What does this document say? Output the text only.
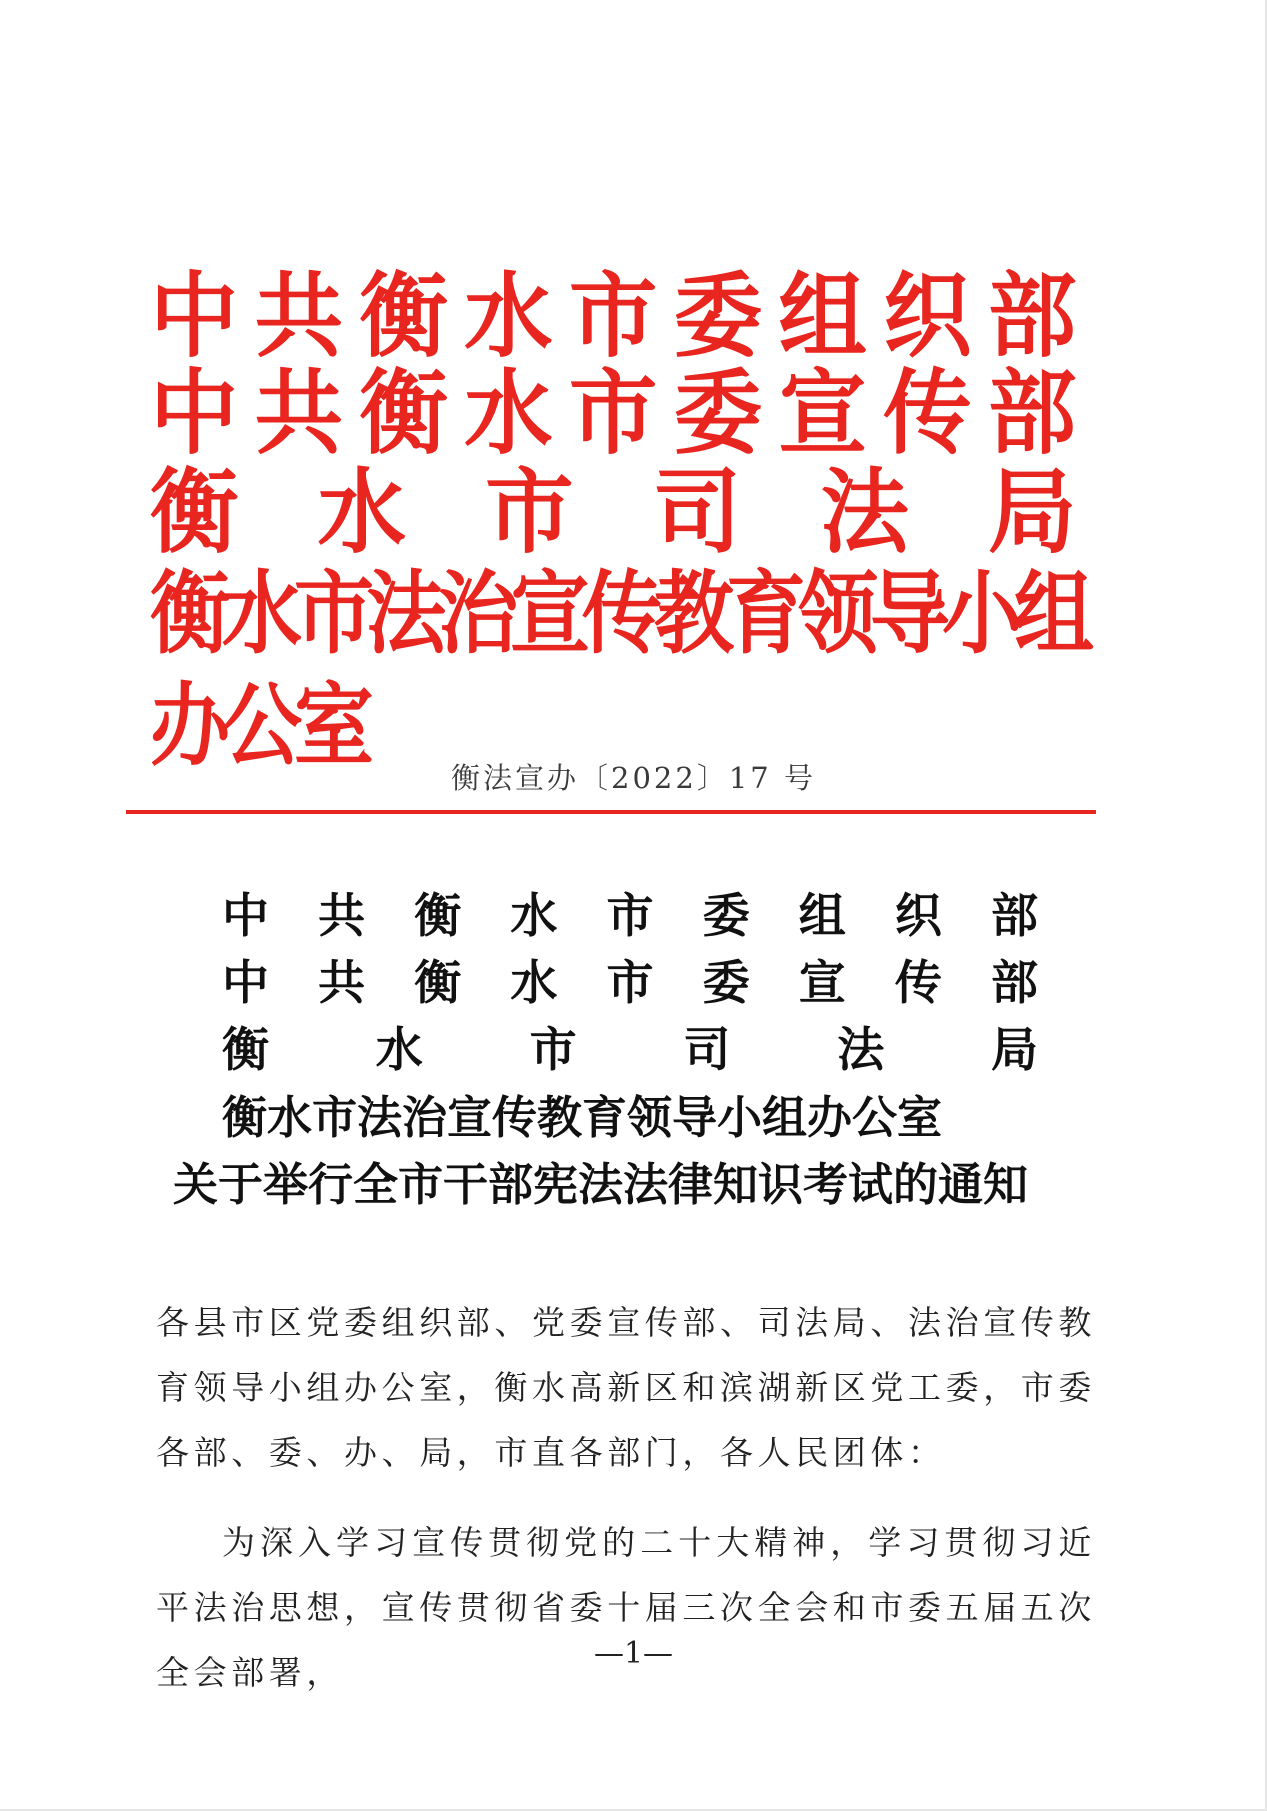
中 共 衡 水 市 委 组 织 部
中 共 衡 水 市 委 宣 传 部
衡 水 市 司 法 局
衡水市法治宣传教育领导小组办公室
衡法宣办〔2022〕17 号
中 共 衡 水 市 委 组 织 部
中 共 衡 水 市 委 宣 传 部
衡 水 市 司 法 局
衡水市法治宣传教育领导小组办公室
关于举行全市干部宪法法律知识考试的通知
各县市区党委组织部、党委宣传部、司法局、法治宣传教育领导小组办公室，衡水高新区和滨湖新区党工委，市委各部、委、办、局，市直各部门，各人民团体：
为深入学习宣传贯彻党的二十大精神，学习贯彻习近平法治思想，宣传贯彻省委十届三次全会和市委五届五次全会部署，	—1—
